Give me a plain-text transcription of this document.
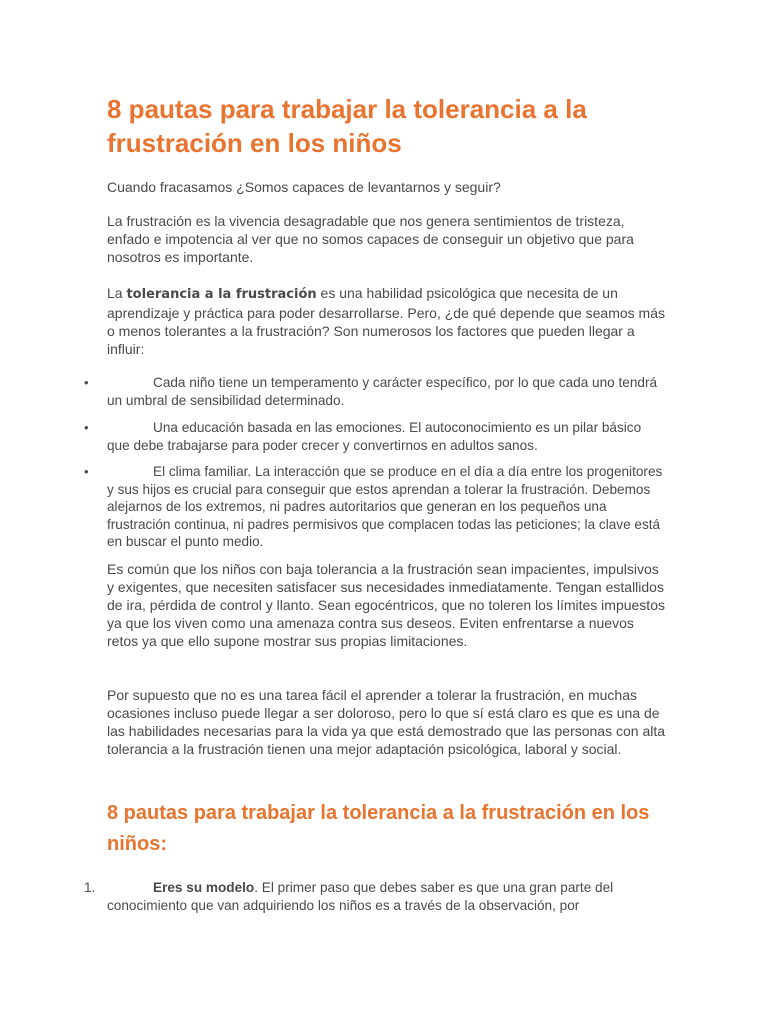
8 pautas para trabajar la tolerancia a la frustración en los niños

Cuando fracasamos ¿Somos capaces de levantarnos y seguir?

La frustración es la vivencia desagradable que nos genera sentimientos de tristeza, enfado e impotencia al ver que no somos capaces de conseguir un objetivo que para nosotros es importante.

La tolerancia a la frustración es una habilidad psicológica que necesita de un aprendizaje y práctica para poder desarrollarse. Pero, ¿de qué depende que seamos más o menos tolerantes a la frustración? Son numerosos los factores que pueden llegar a influir:

•	Cada niño tiene un temperamento y carácter específico, por lo que cada uno tendrá un umbral de sensibilidad determinado.

•	Una educación basada en las emociones. El autoconocimiento es un pilar básico que debe trabajarse para poder crecer y convertirnos en adultos sanos.

•	El clima familiar. La interacción que se produce en el día a día entre los progenitores y sus hijos es crucial para conseguir que estos aprendan a tolerar la frustración. Debemos alejarnos de los extremos, ni padres autoritarios que generan en los pequeños una frustración continua, ni padres permisivos que complacen todas las peticiones; la clave está en buscar el punto medio.

Es común que los niños con baja tolerancia a la frustración sean impacientes, impulsivos y exigentes, que necesiten satisfacer sus necesidades inmediatamente. Tengan estallidos de ira, pérdida de control y llanto. Sean egocéntricos, que no toleren los límites impuestos ya que los viven como una amenaza contra sus deseos. Eviten enfrentarse a nuevos retos ya que ello supone mostrar sus propias limitaciones.

Por supuesto que no es una tarea fácil el aprender a tolerar la frustración, en muchas ocasiones incluso puede llegar a ser doloroso, pero lo que sí está claro es que es una de las habilidades necesarias para la vida ya que está demostrado que las personas con alta tolerancia a la frustración tienen una mejor adaptación psicológica, laboral y social.

8 pautas para trabajar la tolerancia a la frustración en los niños:
1.	Eres su modelo. El primer paso que debes saber es que una gran parte del conocimiento que van adquiriendo los niños es a través de la observación, por
